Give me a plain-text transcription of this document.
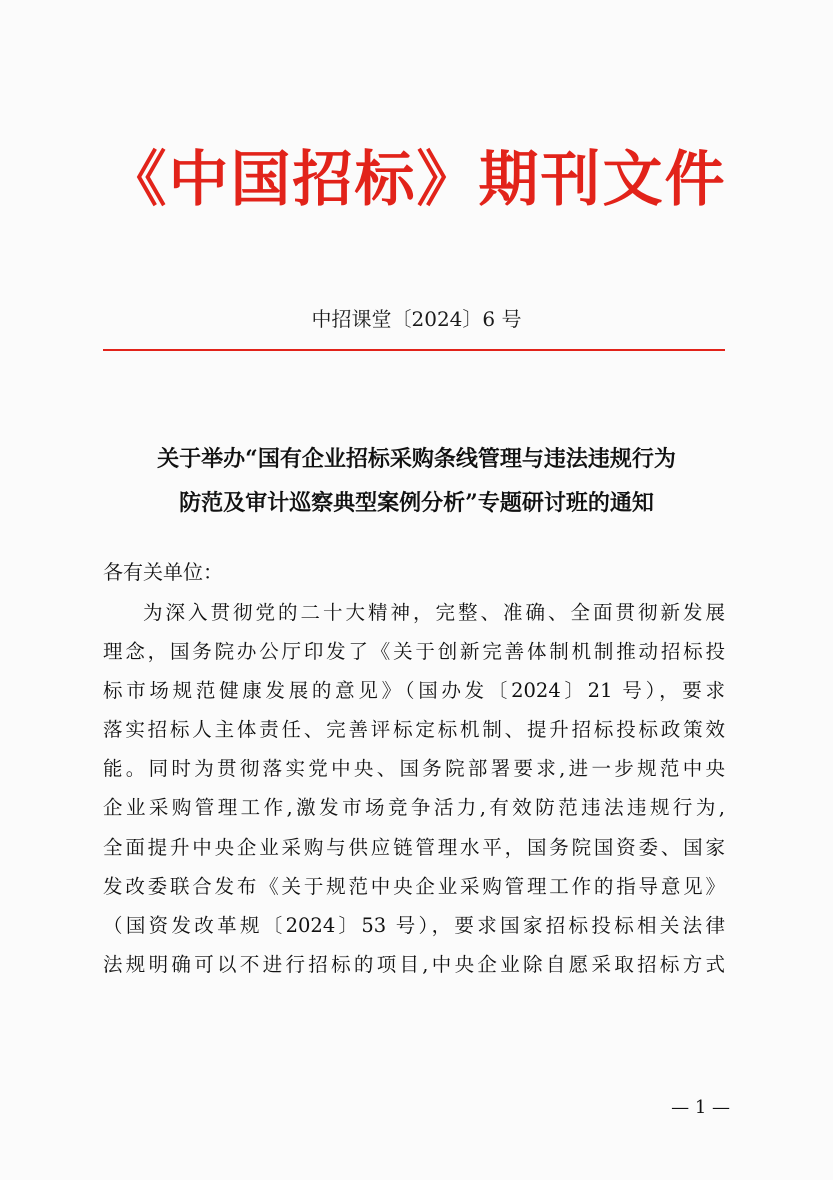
《中国招标》期刊文件
中招课堂〔2024〕6 号
关于举办“国有企业招标采购条线管理与违法违规行为
防范及审计巡察典型案例分析”专题研讨班的通知
各有关单位：
为深入贯彻党的二十大精神，完整、准确、全面贯彻新发展
理念，国务院办公厅印发了《关于创新完善体制机制推动招标投
标市场规范健康发展的意见》（国办发〔2024〕21 号），要求
落实招标人主体责任、完善评标定标机制、提升招标投标政策效
能。同时为贯彻落实党中央、国务院部署要求,进一步规范中央
企业采购管理工作,激发市场竞争活力,有效防范违法违规行为,
全面提升中央企业采购与供应链管理水平，国务院国资委、国家
发改委联合发布《关于规范中央企业采购管理工作的指导意见》
（国资发改革规〔2024〕53 号），要求国家招标投标相关法律
法规明确可以不进行招标的项目,中央企业除自愿采取招标方式
— 1 —
